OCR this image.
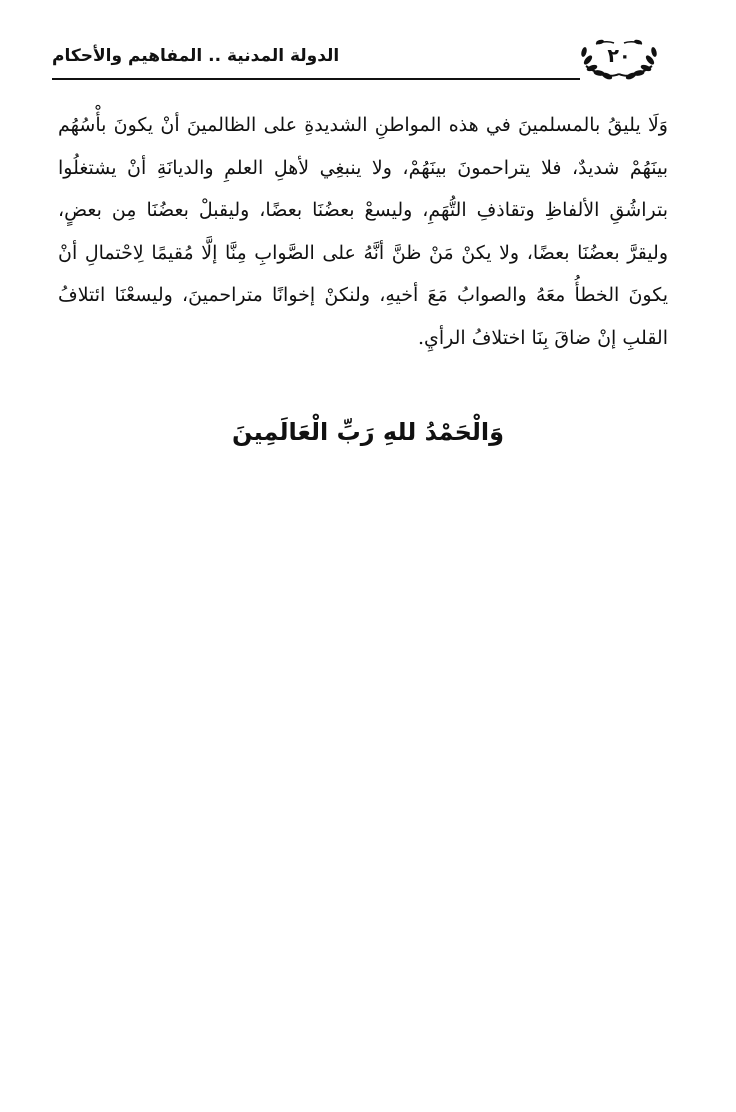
٢٠
الدولة المدنية .. المفاهيم والأحكام

وَلَا يليقُ بالمسلمينَ في هذه المواطنِ الشديدةِ على الظالمينَ أنْ يكونَ بأْسُهُم بينَهُمْ شديدٌ، فلا يتراحمونَ بينَهُمْ، ولا ينبغِي لأهلِ العلمِ والديانَةِ أنْ يشتغلُوا بتراشُقِ الألفاظِ وتقاذفِ التُّهَمِ، وليسعْ بعضُنَا بعضًا، وليقبلْ بعضُنَا مِن بعضٍ، وليقرَّ بعضُنَا بعضًا، ولا يكنْ مَنْ ظنَّ أنَّهُ على الصَّوابِ مِنَّا إلَّا مُقيمًا لِاحْتمالِ أنْ يكونَ الخطأُ معَهُ والصوابُ مَعَ أخيهِ، ولنكنْ إخوانًا متراحمينَ، وليسعْنَا ائتلافُ القلبِ إنْ ضاقَ بِنَا اختلافُ الرأيِ.

وَالْحَمْدُ للهِ رَبِّ الْعَالَمِينَ
